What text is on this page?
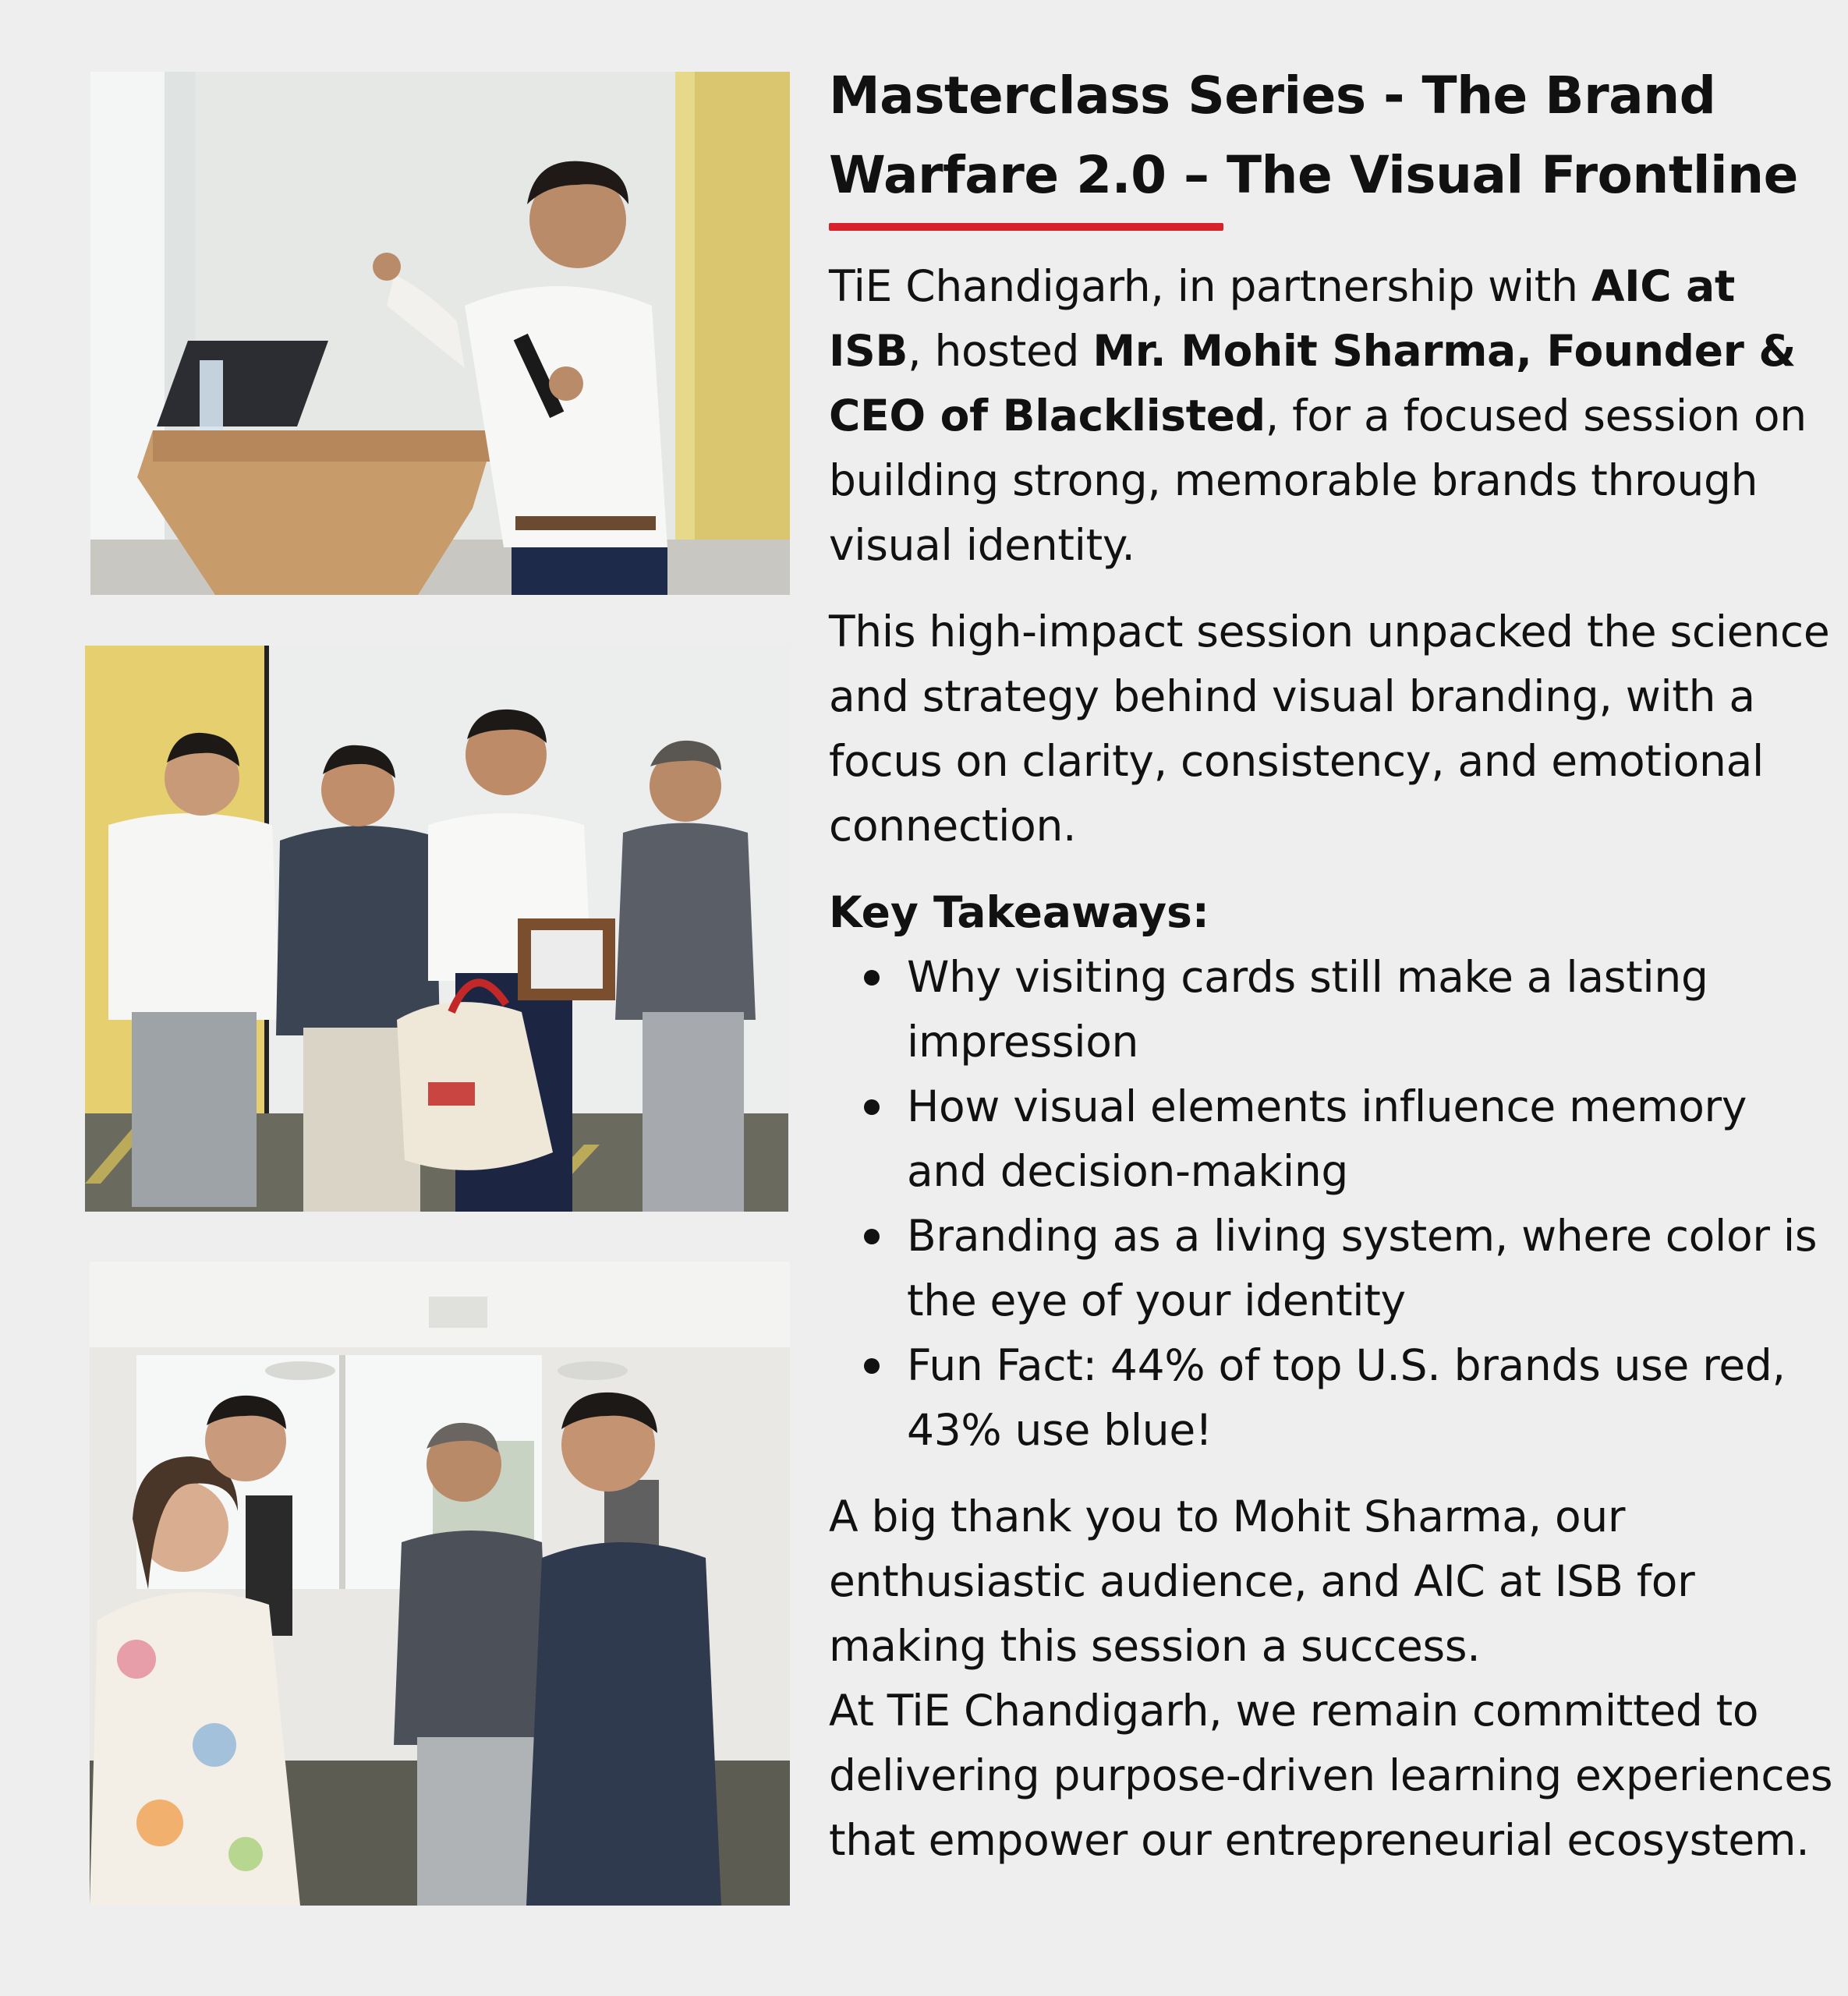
Masterclass Series - The Brand
Warfare 2.0 – The Visual Frontline

TiE Chandigarh, in partnership with AIC at ISB, hosted Mr. Mohit Sharma, Founder & CEO of Blacklisted, for a focused session on building strong, memorable brands through visual identity.

This high-impact session unpacked the science and strategy behind visual branding, with a focus on clarity, consistency, and emotional connection.

Key Takeaways:

Why visiting cards still make a lasting impression
How visual elements influence memory and decision-making
Branding as a living system, where color is the eye of your identity
Fun Fact: 44% of top U.S. brands use red, 43% use blue!

A big thank you to Mohit Sharma, our enthusiastic audience, and AIC at ISB for making this session a success.

At TiE Chandigarh, we remain committed to delivering purpose-driven learning experiences that empower our entrepreneurial ecosystem.
